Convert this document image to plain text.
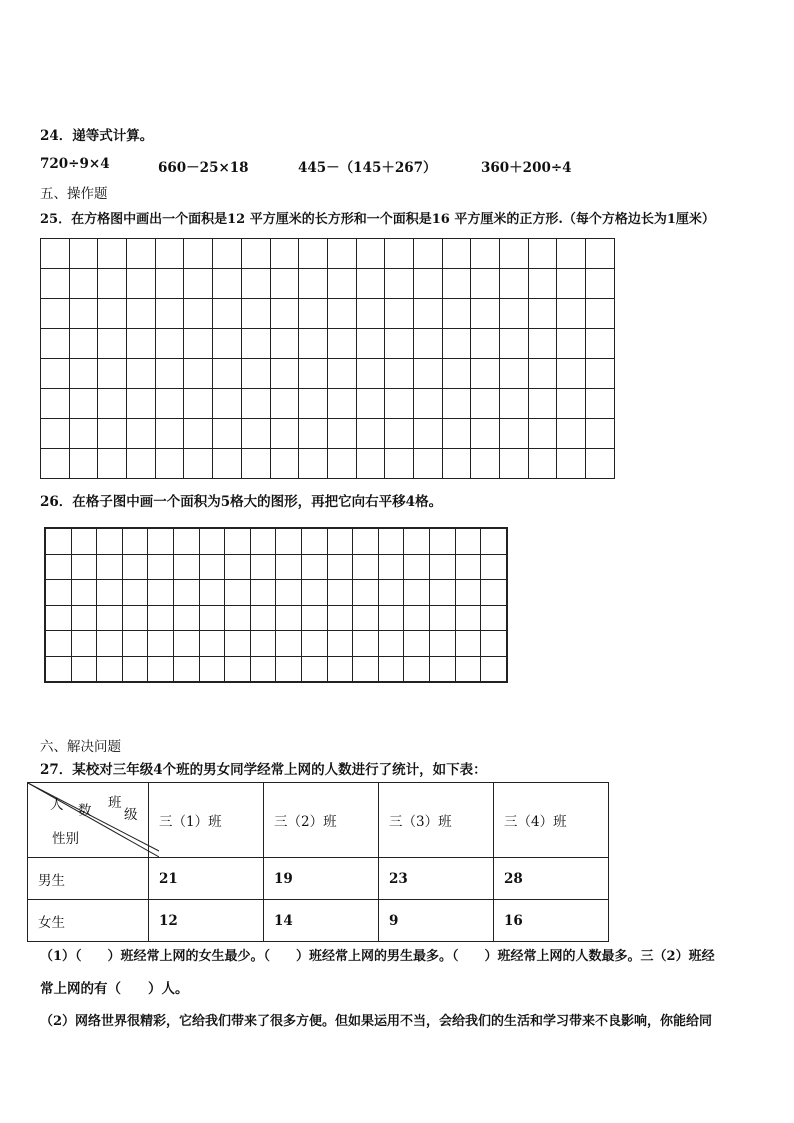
24．递等式计算。
720÷9×4	660－25×18	445－（145＋267）	360＋200÷4
五、操作题
25．在方格图中画出一个面积是12 平方厘米的长方形和一个面积是16 平方厘米的正方形.（每个方格边长为1厘米）

26．在格子图中画一个面积为5格大的图形，再把它向右平移4格。

六、解决问题
27．某校对三年级4个班的男女同学经常上网的人数进行了统计，如下表：
人 数 班
级
性别	三（1）班	三（2）班	三（3）班	三（4）班
男生	21	19	23	28
女生	12	14	9	16
（1）（　　）班经常上网的女生最少。（　　）班经常上网的男生最多。（　　）班经常上网的人数最多。三（2）班经
常上网的有（　　）人。
（2）网络世界很精彩，它给我们带来了很多方便。但如果运用不当，会给我们的生活和学习带来不良影响，你能给同
